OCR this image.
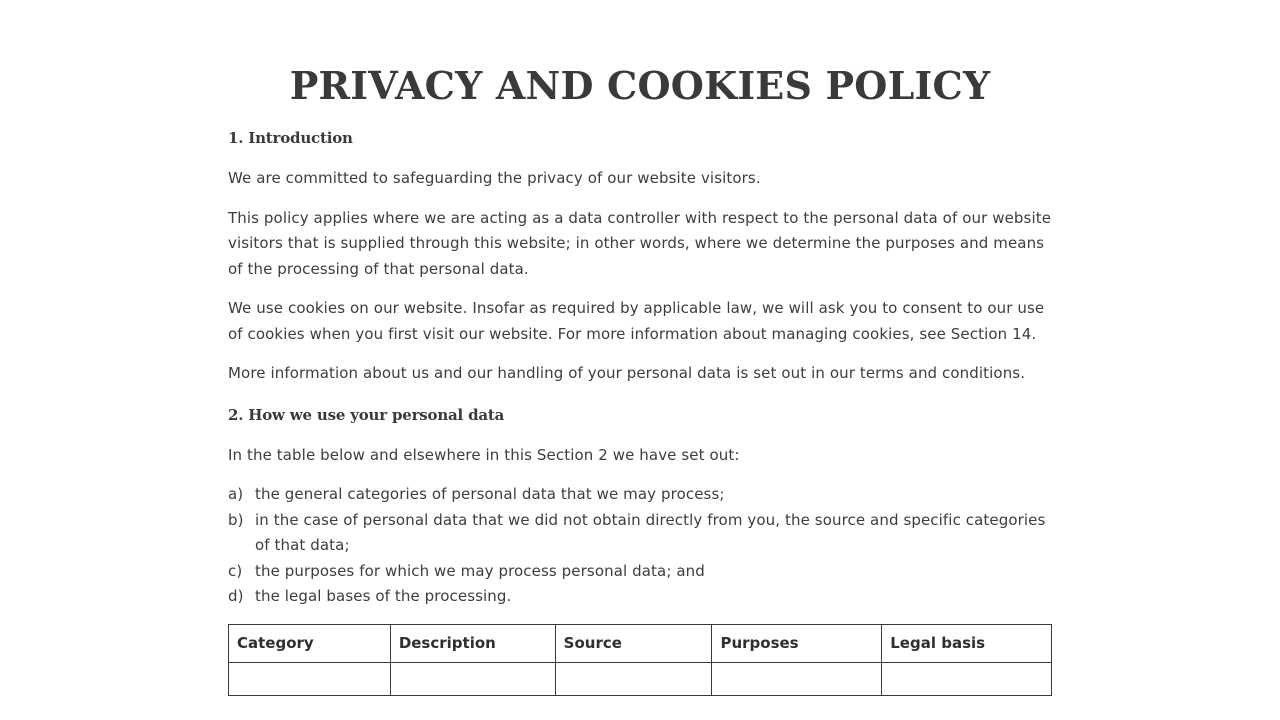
PRIVACY AND COOKIES POLICY
1. Introduction

We are committed to safeguarding the privacy of our website visitors.

This policy applies where we are acting as a data controller with respect to the personal data of our website visitors that is supplied through this website; in other words, where we determine the purposes and means of the processing of that personal data.

We use cookies on our website. Insofar as required by applicable law, we will ask you to consent to our use of cookies when you first visit our website. For more information about managing cookies, see Section 14.

More information about us and our handling of your personal data is set out in our terms and conditions.

2. How we use your personal data

In the table below and elsewhere in this Section 2 we have set out:

a) the general categories of personal data that we may process;
b) in the case of personal data that we did not obtain directly from you, the source and specific categories of that data;
c) the purposes for which we may process personal data; and
d) the legal bases of the processing.
Category	Description	Source	Purposes	Legal basis
